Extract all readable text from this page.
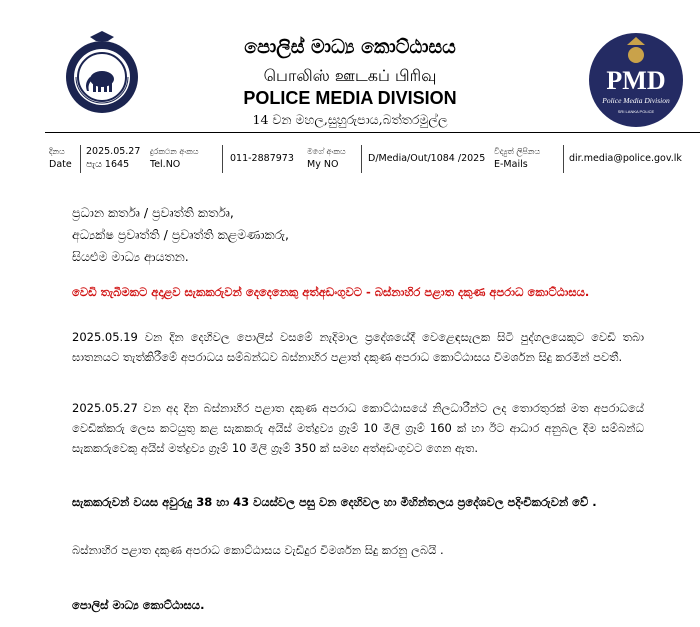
පොලිස් මාධ්‍ය කොට්ඨාසය
பொலிஸ் ஊடகப் பிரிவு
POLICE MEDIA DIVISION
14 වන මහල,සුහුරුපාය,බත්තරමුල්ල
PMD
Police Media Division
SRI LANKA POLICE
දිනය
Date
2025.05.27
පැය 1645
දුරකථන අංකය
Tel.NO
011-2887973
මගේ අංකය
My NO
D/Media/Out/1084 /2025
විද්‍යුත් ලිපිනය
E-Mails
dir.media@police.gov.lk
ප්‍රධාන කර්තෘ / ප්‍රවෘත්ති කර්තෘ,
අධ්‍යක්ෂ ප්‍රවෘත්ති / ප්‍රවෘත්ති කළමණාකරු,
සියළුම මාධ්‍ය ආයතන.
වෙඩි තැබීමකට අදාළව සැකකරුවන් දෙදෙනෙකු අත්අඩංගුවට - බස්නාහිර පළාත දකුණ අපරාධ කොට්ඨාසය.
2025.05.19 වන දින දෙහිවල පොලිස් වසමේ නැදිමාල ප්‍රදේශයේදී වෙළෙඳසැලක සිටි පුද්ගලයෙකුට වෙඩි තබා ඝාතනයට තැත්කිරීමේ අපරාධය සම්බන්ධව බස්නාහිර පළාත් දකුණ අපරාධ කොට්ඨාසය විමර්ශන සිදු කරමින් පවතී.
2025.05.27 වන අද දින බස්නාහිර පළාත දකුණ අපරාධ කොට්ඨාසයේ නිලධාරීන්ට ලද තොරතුරක් මත අපරාධයේ වෙඩික්කරු ලෙස කටයුතු කළ සැකකරු අයිස් මත්ද්‍රව්‍ය ග්‍රෑම් 10 මිලි ග්‍රෑම් 160 ක් හා ඊට ආධාර අනුබල දීම සම්බන්ධ සැකකරුවෙකු අයිස් මත්ද්‍රව්‍ය ග්‍රෑම් 10 මිලි ග්‍රෑම් 350 ක් සමඟ අත්අඩංගුවට ගෙන ඇත.
සැකකරුවන් වයස අවුරුදු 38 හා 43 වයස්වල පසු වන දෙහිවල හා මිහින්තලය ප්‍රදේශවල පදිංචිකරුවන් වේ .
බස්නාහිර පළාත දකුණ අපරාධ කොට්ඨාසය වැඩිදුර විමර්ශන සිදු කරනු ලබයි .
පොලිස් මාධ්‍ය කොට්ඨාසය.
